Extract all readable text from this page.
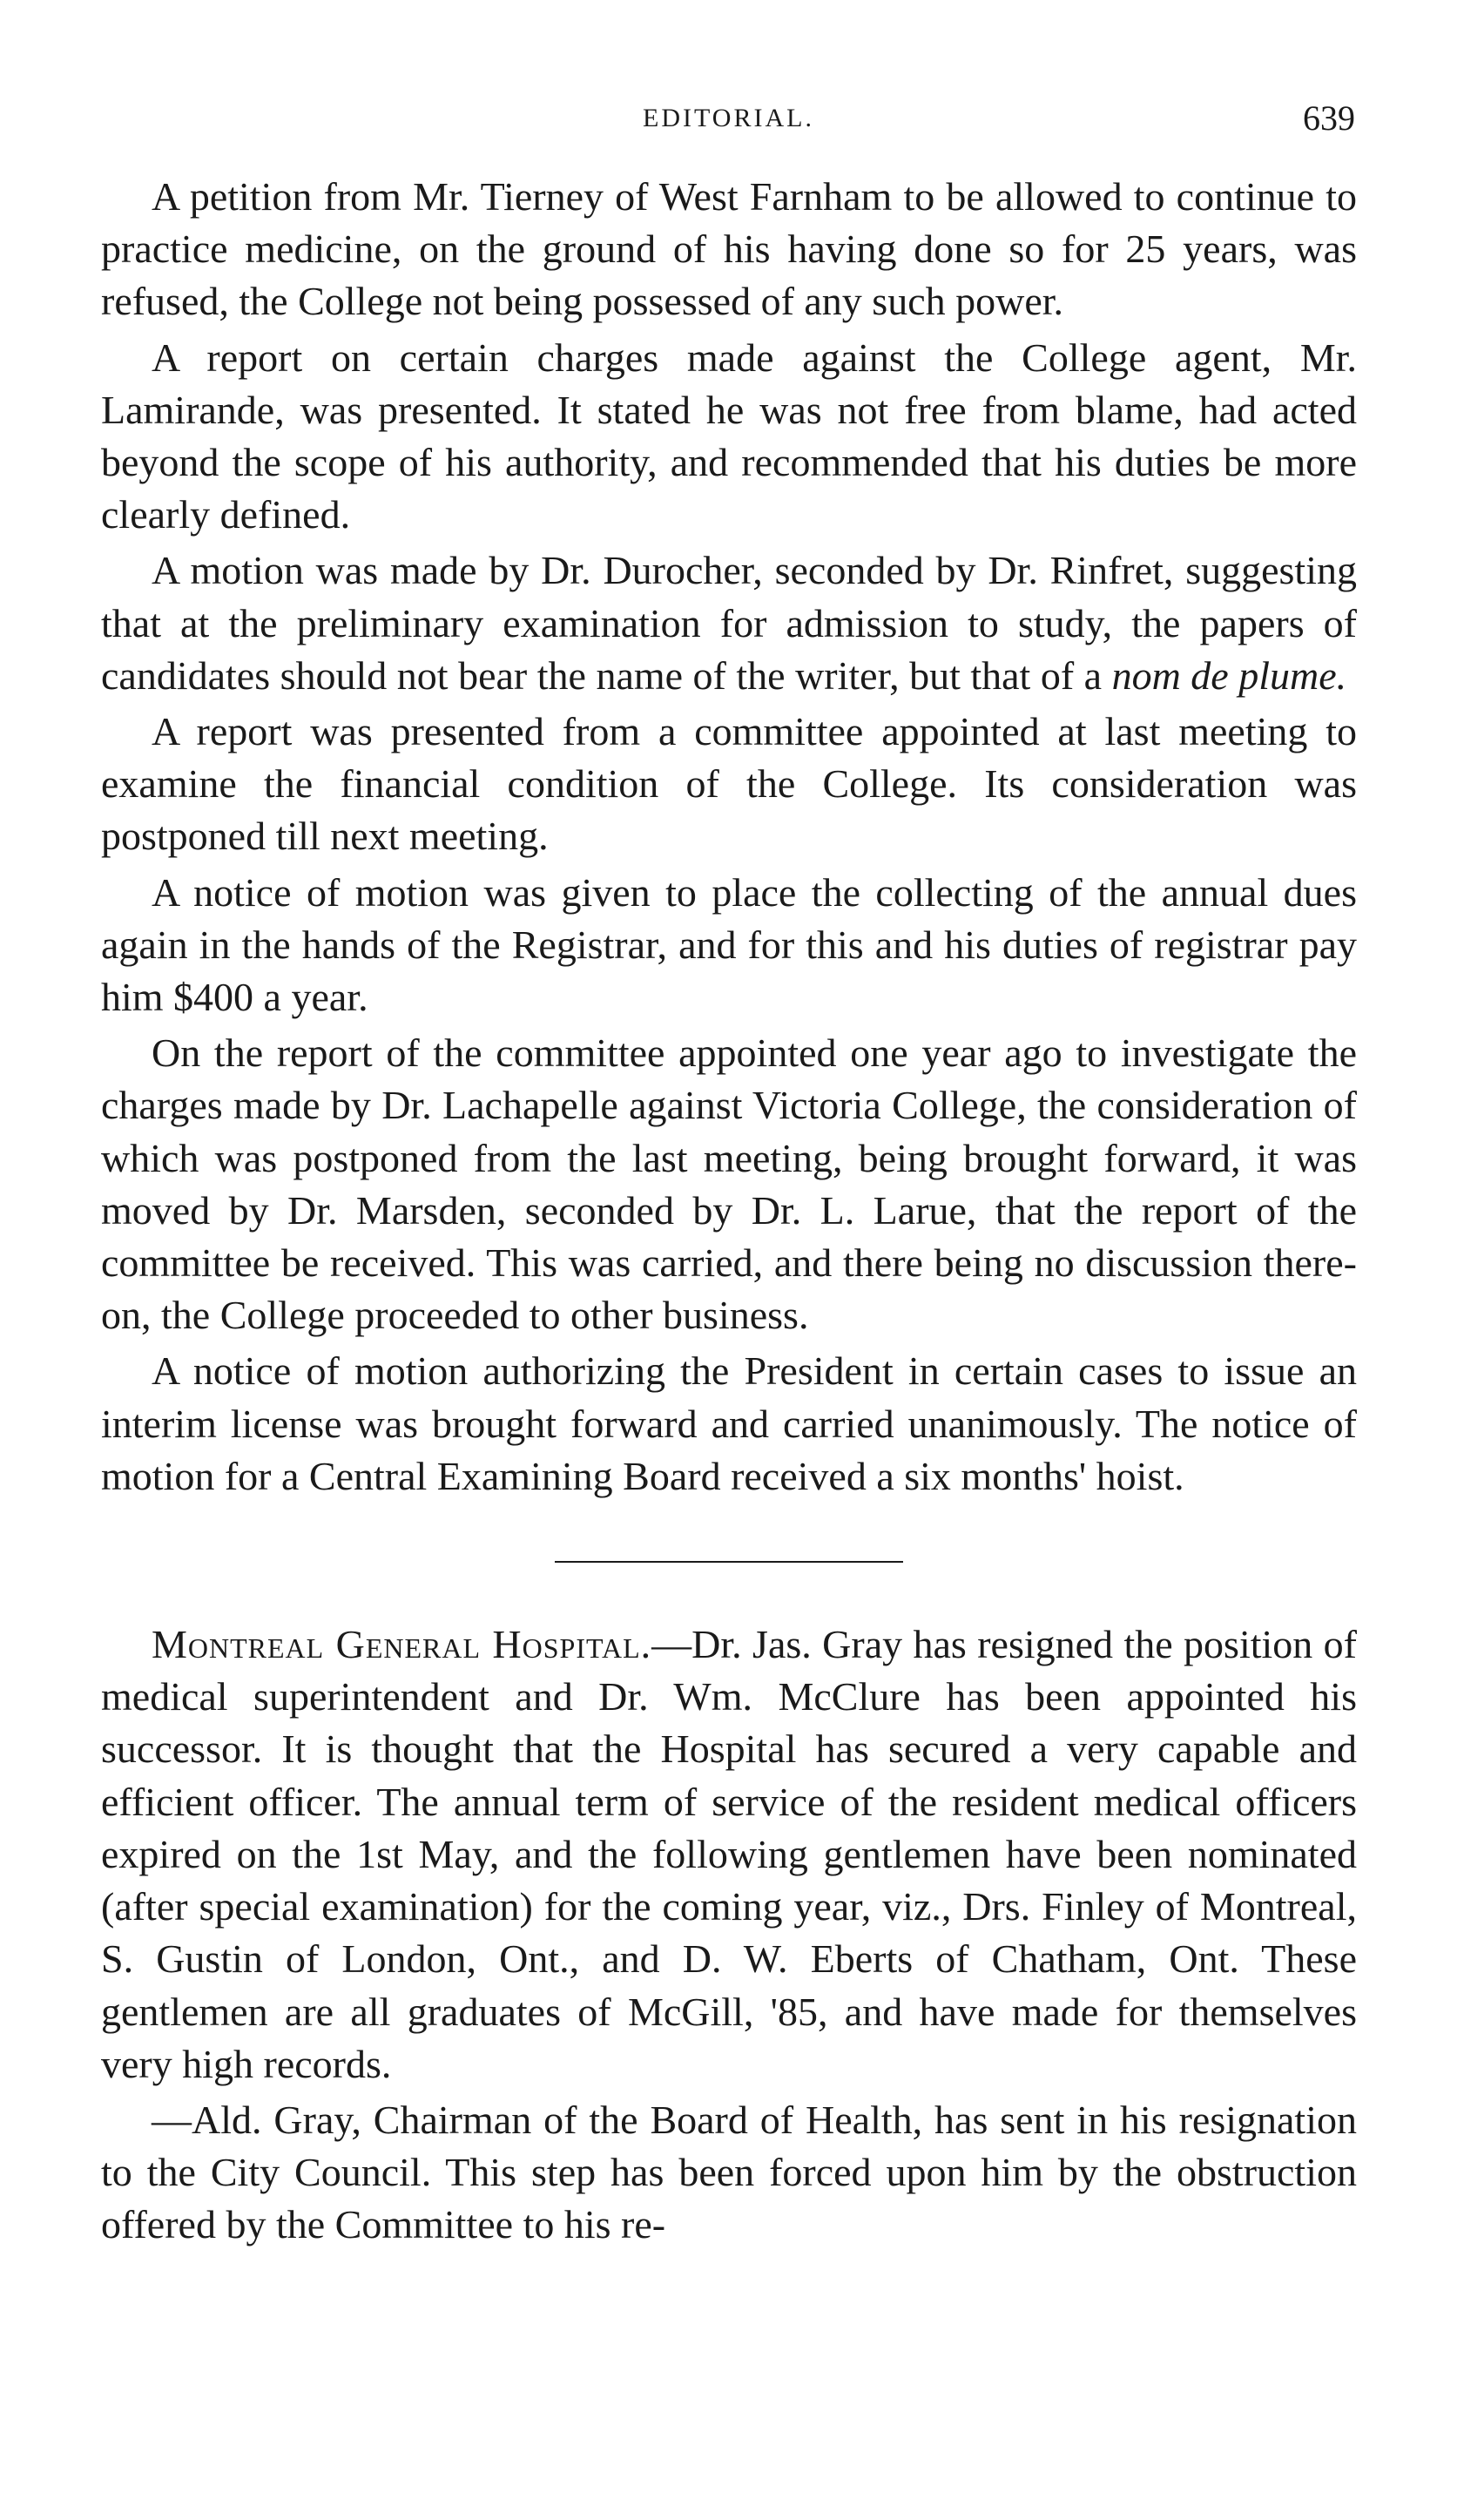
EDITORIAL.	639

A petition from Mr. Tierney of West Farnham to be allowed to continue to practice medicine, on the ground of his having done so for 25 years, was refused, the College not being possessed of any such power.

A report on certain charges made against the College agent, Mr. Lamirande, was presented. It stated he was not free from blame, had acted beyond the scope of his authority, and recommended that his duties be more clearly defined.

A motion was made by Dr. Durocher, seconded by Dr. Rinfret, suggesting that at the preliminary examination for admission to study, the papers of candidates should not bear the name of the writer, but that of a nom de plume.

A report was presented from a committee appointed at last meeting to examine the financial condition of the College. Its consideration was postponed till next meeting.

A notice of motion was given to place the collecting of the annual dues again in the hands of the Registrar, and for this and his duties of registrar pay him $400 a year.

On the report of the committee appointed one year ago to investigate the charges made by Dr. Lachapelle against Victoria College, the consideration of which was postponed from the last meeting, being brought forward, it was moved by Dr. Marsden, seconded by Dr. L. Larue, that the report of the committee be received. This was carried, and there being no discussion thereon, the College proceeded to other business.

A notice of motion authorizing the President in certain cases to issue an interim license was brought forward and carried unanimously. The notice of motion for a Central Examining Board received a six months' hoist.

Montreal General Hospital.—Dr. Jas. Gray has resigned the position of medical superintendent and Dr. Wm. McClure has been appointed his successor. It is thought that the Hospital has secured a very capable and efficient officer. The annual term of service of the resident medical officers expired on the 1st May, and the following gentlemen have been nominated (after special examination) for the coming year, viz., Drs. Finley of Montreal, S. Gustin of London, Ont., and D. W. Eberts of Chatham, Ont. These gentlemen are all graduates of McGill, '85, and have made for themselves very high records.

—Ald. Gray, Chairman of the Board of Health, has sent in his resignation to the City Council. This step has been forced upon him by the obstruction offered by the Committee to his re-
